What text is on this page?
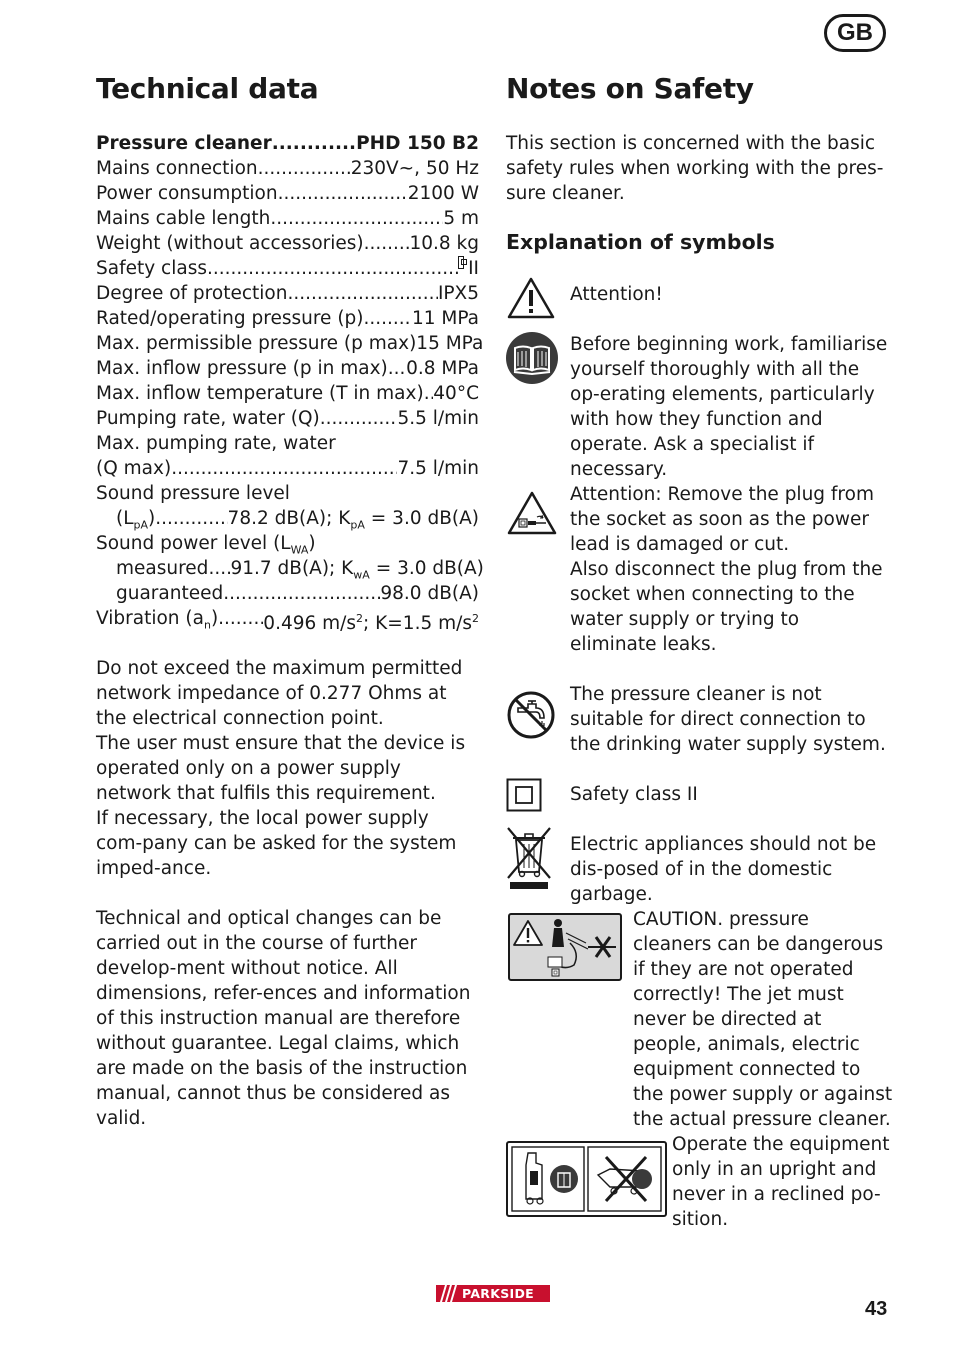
GB
Technical data	Notes on Safety
Pressure cleaner .....	PHD 150 B2
Mains connection .....	230V~, 50 Hz
Power consumption .....	2100 W
Mains cable length .....	5 m
Weight (without accessories) ..... 10.8 kg
Safety class .....	II
Degree of protection .....	IPX5
Rated/operating pressure (p) .....	11 MPa
Max. permissible pressure (p max) 15 MPa
Max. inflow pressure (p in max) ..... 0.8 MPa
Max. inflow temperature (T in max) ..... 40°C
Pumping rate, water (Q) .....	5.5 l/min
Max. pumping rate, water
(Q max) .....	7.5 l/min
Sound pressure level
$(L_{pA})$ .....	78.2 dB(A); $K_{pA} = 3.0$ dB(A)
Sound power level $(L_{WA})$
measured ..... 91.7 dB(A); $K_{wA} = 3.0$ dB(A)
guaranteed .....	98.0 dB(A)
Vibration $(a_n)$ ..... 0.496 $m/s^2$; K=1.5 $m/s^2$

Do not exceed the maximum permitted network impedance of 0.277 Ohms at the electrical connection point.

The user must ensure that the device is operated only on a power supply network that fulfils this requirement.

If necessary, the local power supply com-pany can be asked for the system imped-ance.

Technical and optical changes can be carried out in the course of further develop-ment without notice. All dimensions, refer-ences and information of this instruction manual are therefore without guarantee. Legal claims, which are made on the basis of the instruction manual, cannot thus be considered as valid.

This section is concerned with the basic safety rules when working with the pres-sure cleaner.

Explanation of symbols

Attention!

Before beginning work, familiarise yourself thoroughly with all the op-erating elements, particularly with how they function and operate. Ask a specialist if necessary.

Attention: Remove the plug from the socket as soon as the power lead is damaged or cut.

Also disconnect the plug from the socket when connecting to the water supply or trying to eliminate leaks.

The pressure cleaner is not suitable for direct connection to the drinking water supply system.

Safety class II

Electric appliances should not be dis-posed of in the domestic garbage.

CAUTION. pressure cleaners can be dangerous if they are not operated correctly! The jet must never be directed at people, animals, electric equipment connected to the power supply or against the actual pressure cleaner.

Operate the equipment only in an upright and never in a reclined po-sition.

PARKSIDE
43
